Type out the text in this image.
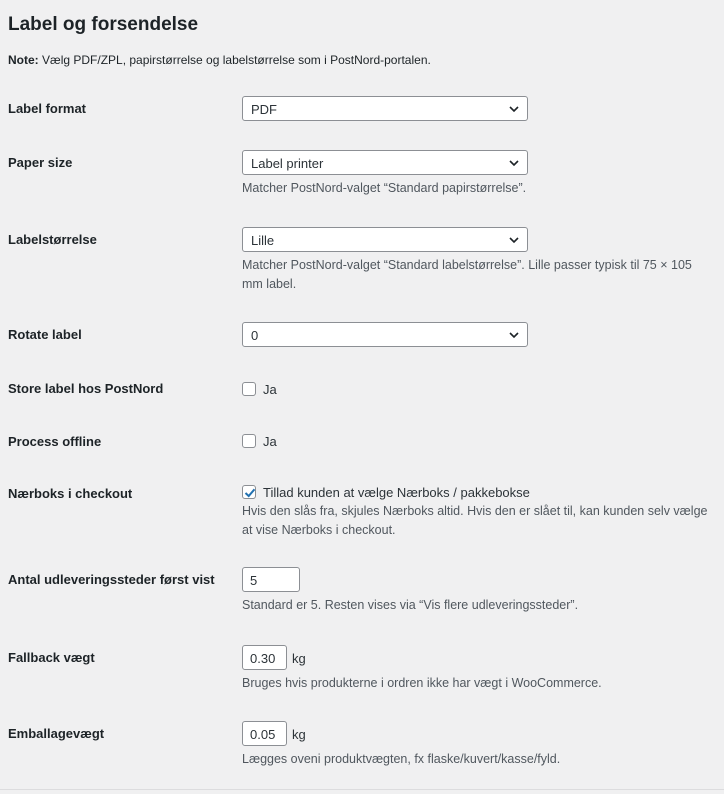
Label og forsendelse
Note: Vælg PDF/ZPL, papirstørrelse og labelstørrelse som i PostNord-portalen.
Label format	PDF
Paper size	Label printer
Matcher PostNord-valget “Standard papirstørrelse”.
Labelstørrelse	Lille
Matcher PostNord-valget “Standard labelstørrelse”. Lille passer typisk til 75 × 105
mm label.
Rotate label	0
Store label hos PostNord	Ja
Process offline	Ja
Nærboks i checkout	Tillad kunden at vælge Nærboks / pakkebokse
Hvis den slås fra, skjules Nærboks altid. Hvis den er slået til, kan kunden selv vælge
at vise Nærboks i checkout.
Antal udleveringssteder først vist	5
Standard er 5. Resten vises via “Vis flere udleveringssteder”.
Fallback vægt	0.30 kg
Bruges hvis produkterne i ordren ikke har vægt i WooCommerce.
Emballagevægt	0.05 kg
Lægges oveni produktvægten, fx flaske/kuvert/kasse/fyld.
